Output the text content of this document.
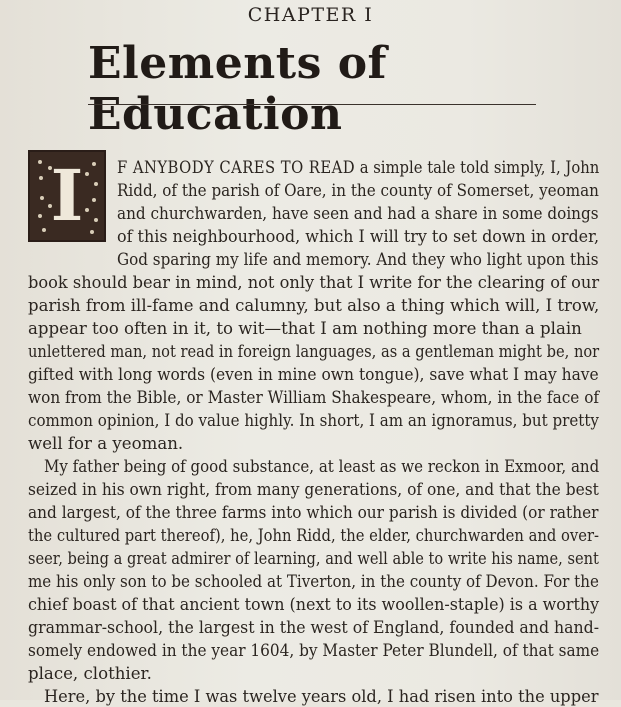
CHAPTER I
Elements of Education
I	F ANYBODY CARES TO READ a simple tale told simply, I, John
Ridd, of the parish of Oare, in the county of Somerset, yeoman
and churchwarden, have seen and had a share in some doings
of this neighbourhood, which I will try to set down in order,
God sparing my life and memory. And they who light upon this
book should bear in mind, not only that I write for the clearing of our
parish from ill-fame and calumny, but also a thing which will, I trow,
appear too often in it, to wit—that I am nothing more than a plain
unlettered man, not read in foreign languages, as a gentleman might be, nor
gifted with long words (even in mine own tongue), save what I may have
won from the Bible, or Master William Shakespeare, whom, in the face of
common opinion, I do value highly. In short, I am an ignoramus, but pretty
well for a yeoman.
My father being of good substance, at least as we reckon in Exmoor, and
seized in his own right, from many generations, of one, and that the best
and largest, of the three farms into which our parish is divided (or rather
the cultured part thereof), he, John Ridd, the elder, churchwarden and over-
seer, being a great admirer of learning, and well able to write his name, sent
me his only son to be schooled at Tiverton, in the county of Devon. For the
chief boast of that ancient town (next to its woollen-staple) is a worthy
grammar-school, the largest in the west of England, founded and hand-
somely endowed in the year 1604, by Master Peter Blundell, of that same
place, clothier.
Here, by the time I was twelve years old, I had risen into the upper
